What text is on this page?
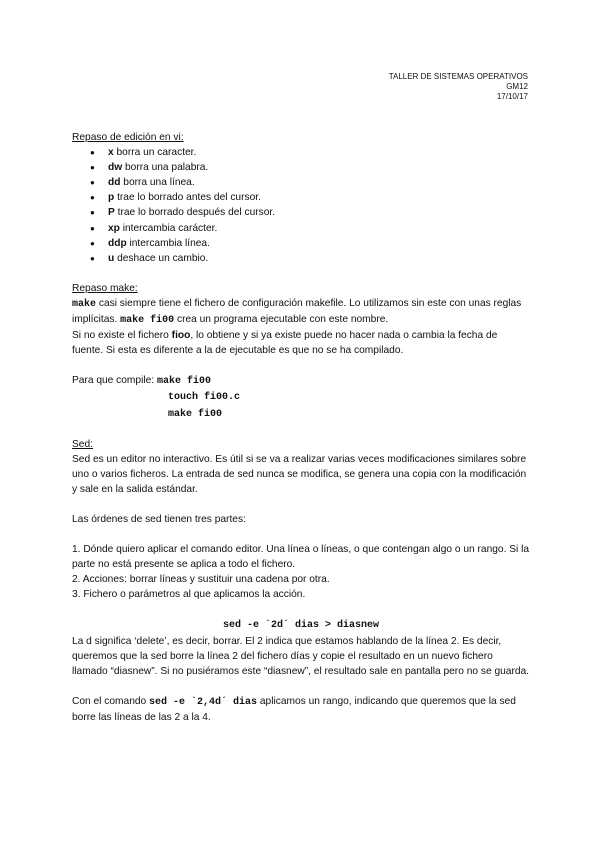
TALLER DE SISTEMAS OPERATIVOS
GM12
17/10/17

Repaso de edición en vi:

● x borra un caracter.
● dw borra una palabra.
● dd borra una línea.
● p trae lo borrado antes del cursor.
● P trae lo borrado después del cursor.
● xp intercambia carácter.
● ddp intercambia línea.
● u deshace un cambio.

Repaso make:

make casi siempre tiene el fichero de configuración makefile. Lo utilizamos sin este con unas reglas implícitas. make fi00 crea un programa ejecutable con este nombre.

Si no existe el fichero fioo, lo obtiene y si ya existe puede no hacer nada o cambia la fecha de fuente. Si esta es diferente a la de ejecutable es que no se ha compilado.

Para que compile: make fi00

touch fi00.c

make fi00

Sed:

Sed es un editor no interactivo. Es útil si se va a realizar varias veces modificaciones similares sobre uno o varios ficheros. La entrada de sed nunca se modifica, se genera una copia con la modificación y sale en la salida estándar.

Las órdenes de sed tienen tres partes:

1. Dónde quiero aplicar el comando editor. Una línea o líneas, o que contengan algo o un rango. Si la parte no está presente se aplica a todo el fichero.

2. Acciones: borrar líneas y sustituir una cadena por otra.

3. Fichero o parámetros al que aplicamos la acción.

sed -e `2d´ dias > diasnew

La d significa ‘delete’, es decir, borrar. El 2 indica que estamos hablando de la línea 2. Es decir, queremos que la sed borre la línea 2 del fichero días y copie el resultado en un nuevo fichero llamado “diasnew”. Si no pusiéramos este “diasnew”, el resultado sale en pantalla pero no se guarda.

Con el comando sed -e `2,4d´ dias aplicamos un rango, indicando que queremos que la sed borre las líneas de las 2 a la 4.
